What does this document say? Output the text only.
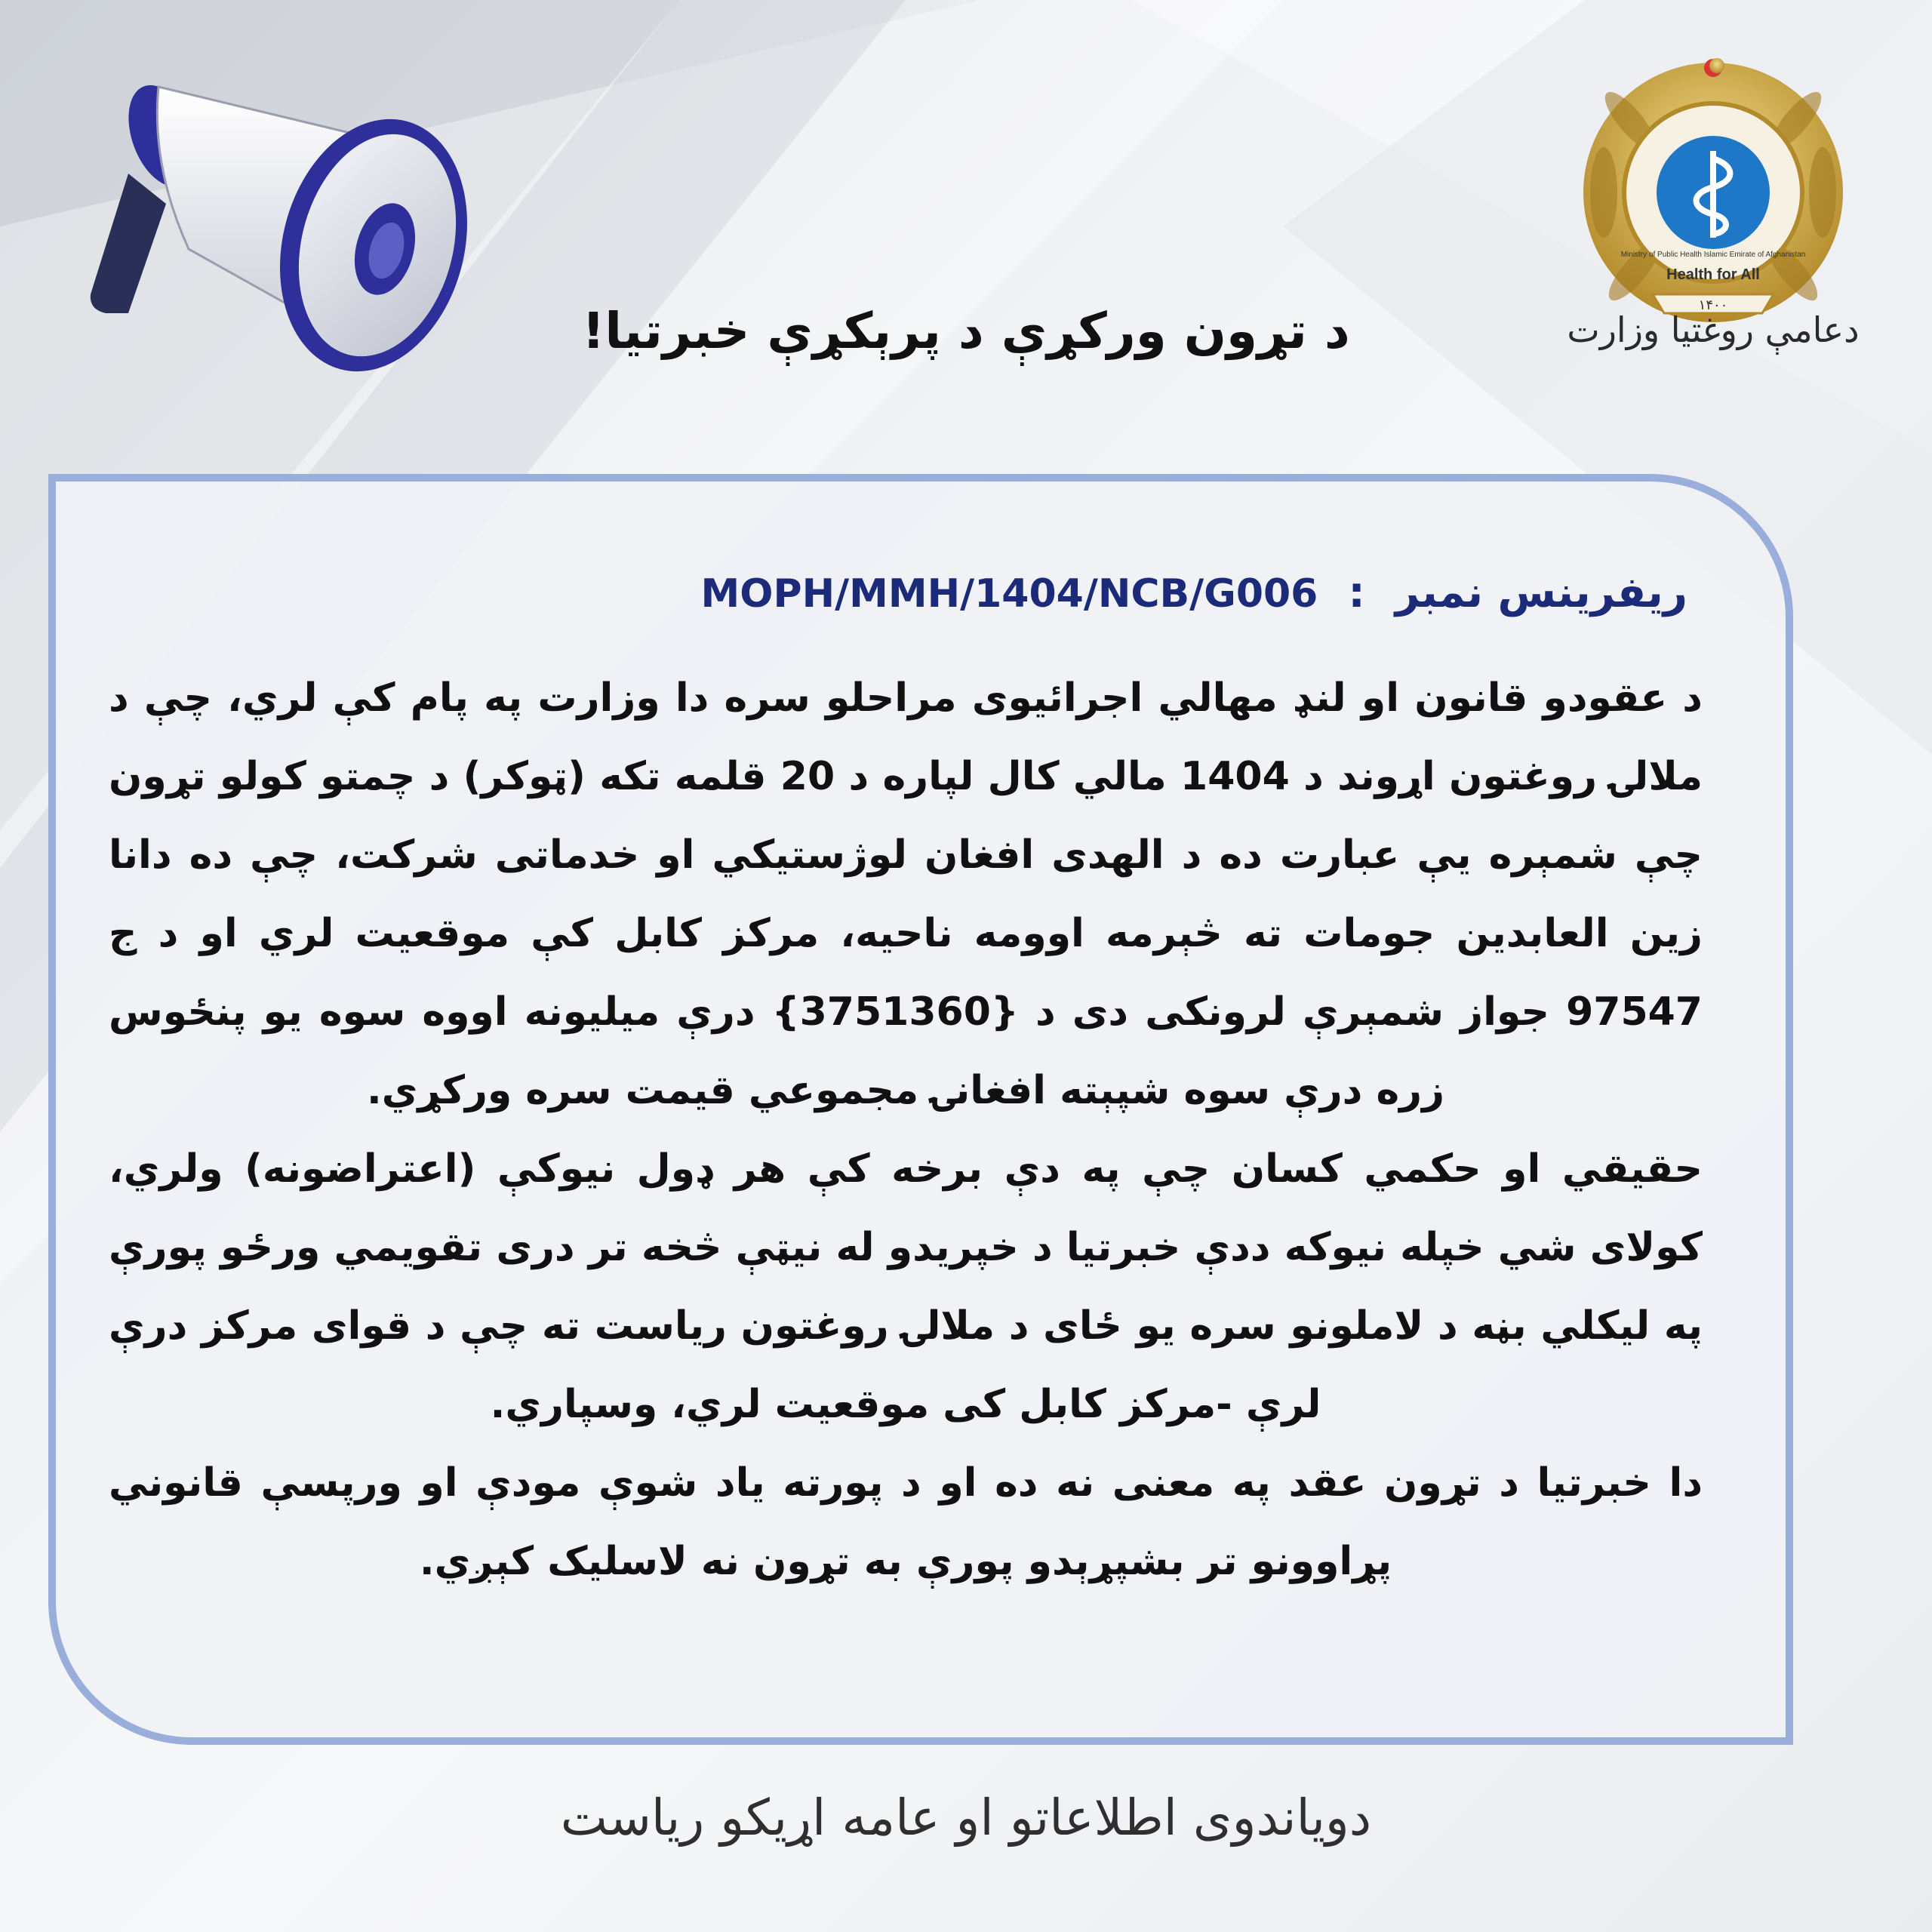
Health for All
۱۴۰۰
Ministry of Public Health Islamic Emirate of Afghanistan
دعامې روغتیا وزارت
د تړون ورکړې د پرېکړې خبرتیا!
ریفرینس نمبر
:
MOPH/MMH/1404/NCB/G006

د عقودو قانون او لنډ مهالي اجرائیوی مراحلو سره دا وزارت په پام کې لري، چې د ملالۍ روغتون اړوند د 1404 مالي کال لپاره د 20 قلمه تکه (ټوکر) د چمتو کولو تړون چې شمېره يې عبارت ده د الهدی افغان لوژستیکي او خدماتی شرکت، چې ده دانا زين العابدين جومات ته څېرمه اوومه ناحیه، مرکز کابل کې موقعیت لري او د ج 97547 جواز شمېرې لرونکی دی د {3751360} درې میلیونه اووه سوه یو پنځوس زره درې سوه شپېته افغانۍ مجموعي قیمت سره ورکړي.

حقیقي او حکمي کسان چې په دې برخه کې هر ډول نیوکې (اعتراضونه) ولري، کولای شي خپله نیوکه ددې خبرتیا د خپریدو له نیټې څخه تر دری تقویمي ورځو پورې په لیکلي بڼه د لاملونو سره یو ځای د ملالۍ روغتون ریاست ته چې د قوای مرکز درې لرې -مرکز کابل کی موقعیت لري، وسپاري.

دا خبرتیا د تړون عقد په معنی نه ده او د پورته یاد شوې مودې او ورپسې قانوني پړاوونو تر بشپړېدو پورې به تړون نه لاسلیک کېږي.

دویاندوی اطلاعاتو او عامه اړیکو ریاست
